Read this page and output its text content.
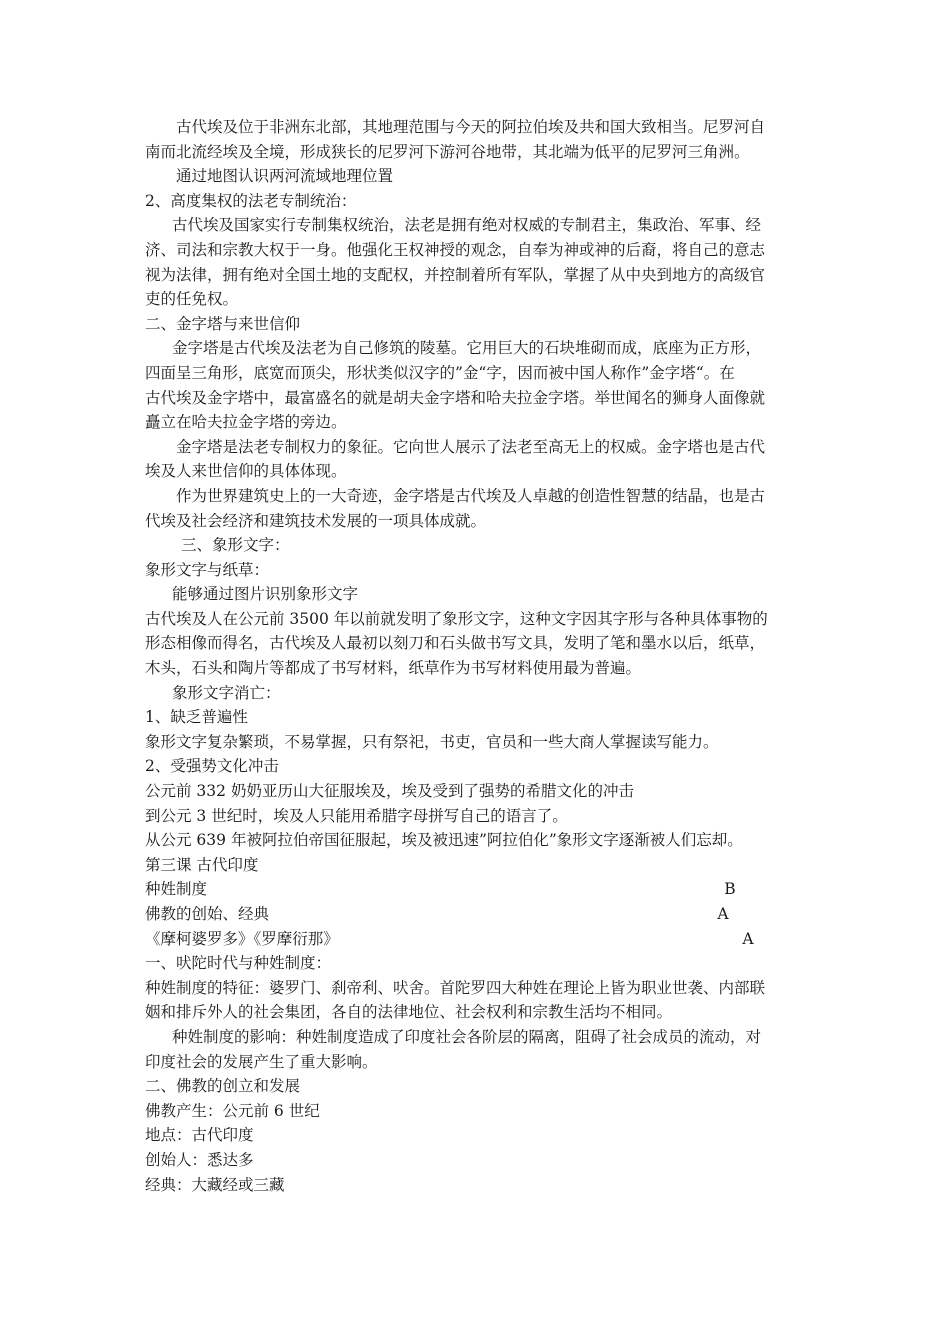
古代埃及位于非洲东北部，其地理范围与今天的阿拉伯埃及共和国大致相当。尼罗河自
南而北流经埃及全境，形成狭长的尼罗河下游河谷地带，其北端为低平的尼罗河三角洲。
通过地图认识两河流域地理位置
2、高度集权的法老专制统治：
古代埃及国家实行专制集权统治，法老是拥有绝对权威的专制君主，集政治、军事、经
济、司法和宗教大权于一身。他强化王权神授的观念，自奉为神或神的后裔，将自己的意志
视为法律，拥有绝对全国土地的支配权，并控制着所有军队，掌握了从中央到地方的高级官
吏的任免权。
二、金字塔与来世信仰
金字塔是古代埃及法老为自己修筑的陵墓。它用巨大的石块堆砌而成，底座为正方形，
四面呈三角形，底宽而顶尖，形状类似汉字的”金“字，因而被中国人称作”金字塔“。在
古代埃及金字塔中，最富盛名的就是胡夫金字塔和哈夫拉金字塔。举世闻名的狮身人面像就
矗立在哈夫拉金字塔的旁边。
金字塔是法老专制权力的象征。它向世人展示了法老至高无上的权威。金字塔也是古代
埃及人来世信仰的具体体现。
作为世界建筑史上的一大奇迹，金字塔是古代埃及人卓越的创造性智慧的结晶，也是古
代埃及社会经济和建筑技术发展的一项具体成就。
三、象形文字：
象形文字与纸草：
能够通过图片识别象形文字
古代埃及人在公元前 3500 年以前就发明了象形文字，这种文字因其字形与各种具体事物的
形态相像而得名，古代埃及人最初以刻刀和石头做书写文具，发明了笔和墨水以后，纸草，
木头，石头和陶片等都成了书写材料，纸草作为书写材料使用最为普遍。
象形文字消亡：
1、缺乏普遍性
象形文字复杂繁琐，不易掌握，只有祭祀，书吏，官员和一些大商人掌握读写能力。
2、受强势文化冲击
公元前 332 奶奶亚历山大征服埃及，埃及受到了强势的希腊文化的冲击
到公元 3 世纪时，埃及人只能用希腊字母拼写自己的语言了。
从公元 639 年被阿拉伯帝国征服起，埃及被迅速”阿拉伯化”象形文字逐渐被人们忘却。
第三课 古代印度
种姓制度	B
佛教的创始、经典	A
《摩柯婆罗多》《罗摩衍那》	A
一、吠陀时代与种姓制度：
种姓制度的特征：婆罗门、刹帝利、吠舍。首陀罗四大种姓在理论上皆为职业世袭、内部联
姻和排斥外人的社会集团，各自的法律地位、社会权利和宗教生活均不相同。
种姓制度的影响：种姓制度造成了印度社会各阶层的隔离，阻碍了社会成员的流动，对
印度社会的发展产生了重大影响。
二、佛教的创立和发展
佛教产生：公元前 6 世纪
地点：古代印度
创始人：悉达多
经典：大藏经或三藏
